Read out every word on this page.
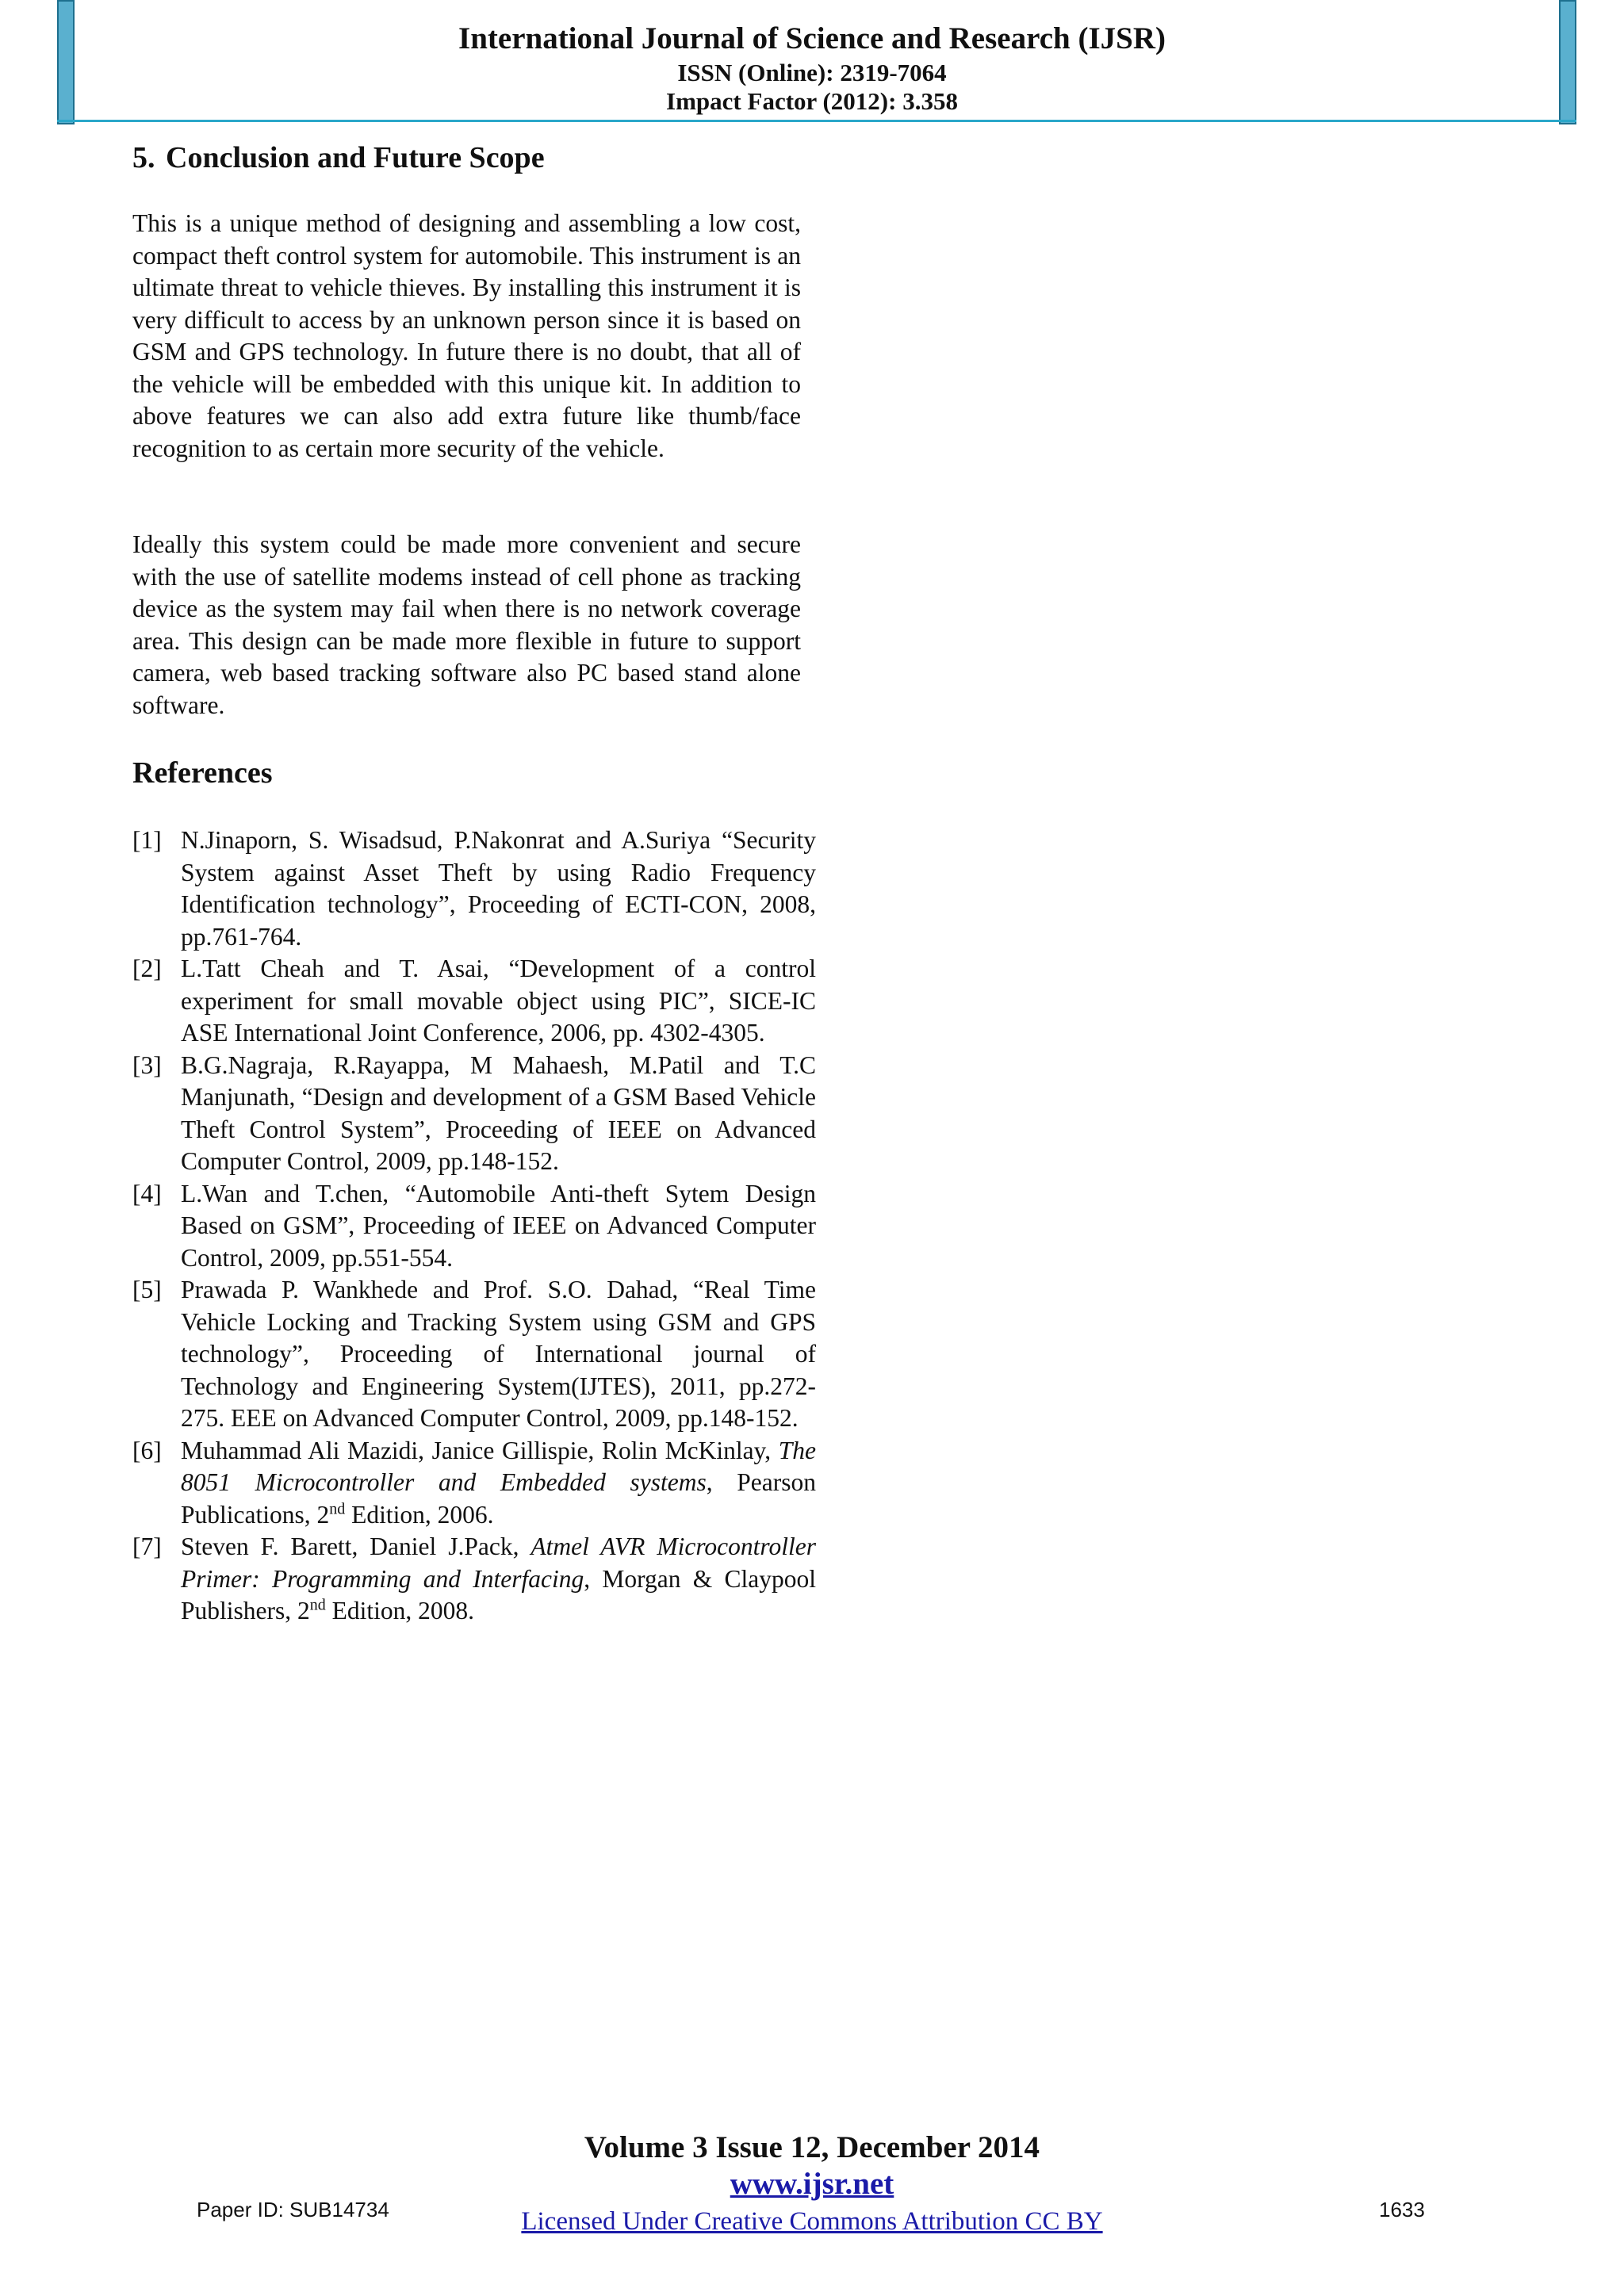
International Journal of Science and Research (IJSR)
ISSN (Online): 2319-7064
Impact Factor (2012): 3.358
5. Conclusion and Future Scope

This is a unique method of designing and assembling a low cost, compact theft control system for automobile. This instrument is an ultimate threat to vehicle thieves. By installing this instrument it is very difficult to access by an unknown person since it is based on GSM and GPS technology. In future there is no doubt, that all of the vehicle will be embedded with this unique kit. In addition to above features we can also add extra future like thumb/face recognition to as certain more security of the vehicle.

Ideally this system could be made more convenient and secure with the use of satellite modems instead of cell phone as tracking device as the system may fail when there is no network coverage area. This design can be made more flexible in future to support camera, web based tracking software also PC based stand alone software.

References
[1] N.Jinaporn, S. Wisadsud, P.Nakonrat and A.Suriya “Security System against Asset Theft by using Radio Frequency Identification technology”, Proceeding of ECTI-CON, 2008, pp.761-764.
[2] L.Tatt Cheah and T. Asai, “Development of a control experiment for small movable object using PIC”, SICE-IC ASE International Joint Conference, 2006, pp. 4302-4305.
[3] B.G.Nagraja, R.Rayappa, M Mahaesh, M.Patil and T.C Manjunath, “Design and development of a GSM Based Vehicle Theft Control System”, Proceeding of IEEE on Advanced Computer Control, 2009, pp.148-152.
[4] L.Wan and T.chen, “Automobile Anti-theft Sytem Design Based on GSM”, Proceeding of IEEE on Advanced Computer Control, 2009, pp.551-554.
[5] Prawada P. Wankhede and Prof. S.O. Dahad, “Real Time Vehicle Locking and Tracking System using GSM and GPS technology”, Proceeding of International journal of Technology and Engineering System(IJTES), 2011, pp.272-275. EEE on Advanced Computer Control, 2009, pp.148-152.
[6] Muhammad Ali Mazidi, Janice Gillispie, Rolin McKinlay, The 8051 Microcontroller and Embedded systems, Pearson Publications, 2nd Edition, 2006.
[7] Steven F. Barett, Daniel J.Pack, Atmel AVR Microcontroller Primer: Programming and Interfacing, Morgan & Claypool Publishers, 2nd Edition, 2008.
Volume 3 Issue 12, December 2014
www.ijsr.net
Licensed Under Creative Commons Attribution CC BY
Paper ID: SUB14734	1633
